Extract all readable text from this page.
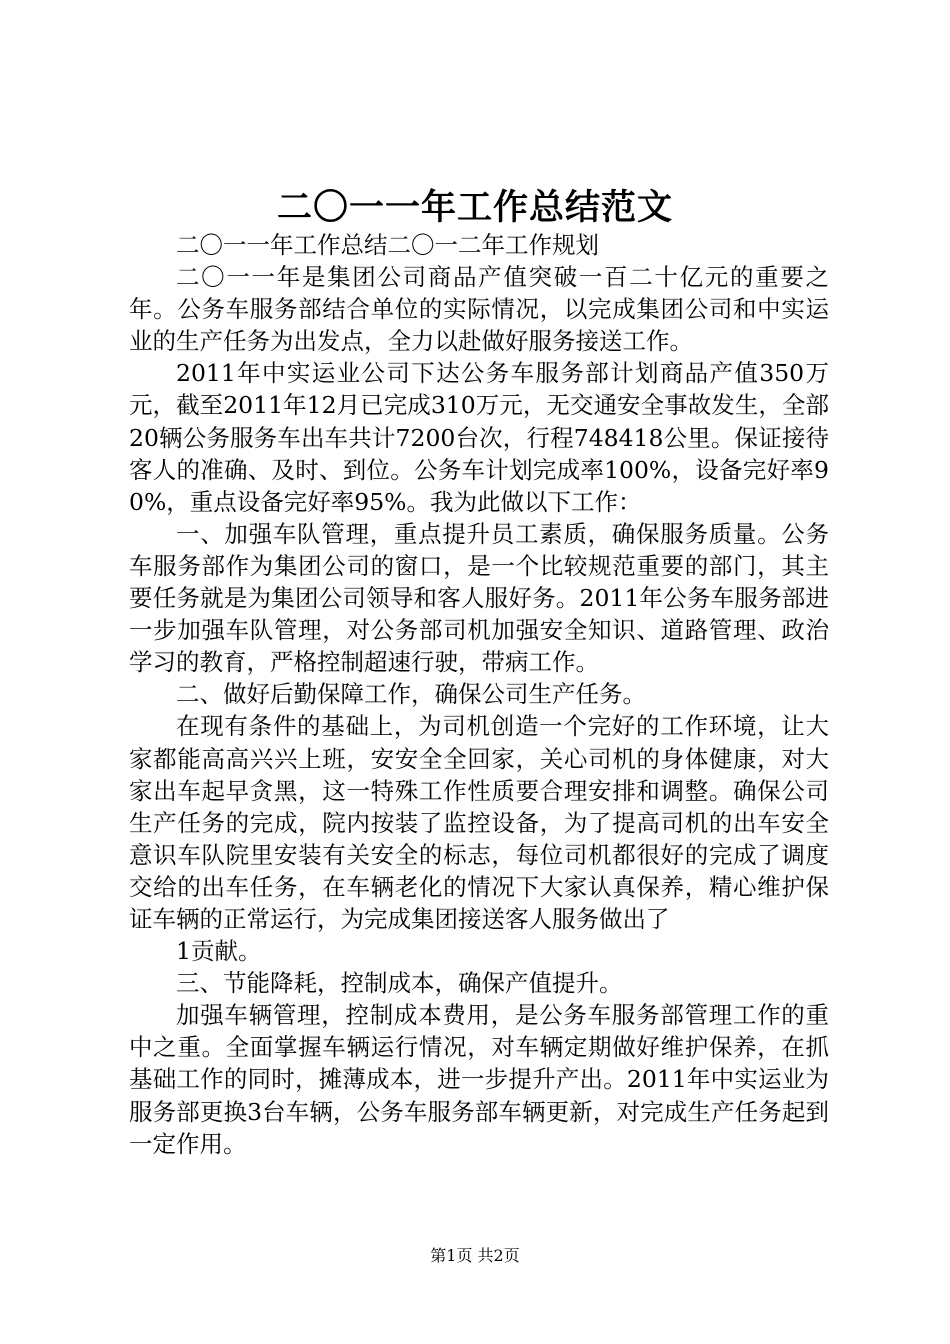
二〇一一年工作总结范文

二〇一一年工作总结二〇一二年工作规划

二〇一一年是集团公司商品产值突破一百二十亿元的重要之年。公务车服务部结合单位的实际情况，以完成集团公司和中实运业的生产任务为出发点，全力以赴做好服务接送工作。

2011年中实运业公司下达公务车服务部计划商品产值350万元，截至2011年12月已完成310万元，无交通安全事故发生，全部20辆公务服务车出车共计7200台次，行程748418公里。保证接待客人的准确、及时、到位。公务车计划完成率100%，设备完好率90%，重点设备完好率95%。我为此做以下工作：

一、加强车队管理，重点提升员工素质，确保服务质量。公务车服务部作为集团公司的窗口，是一个比较规范重要的部门，其主要任务就是为集团公司领导和客人服好务。2011年公务车服务部进一步加强车队管理，对公务部司机加强安全知识、道路管理、政治学习的教育，严格控制超速行驶，带病工作。

二、做好后勤保障工作，确保公司生产任务。

在现有条件的基础上，为司机创造一个完好的工作环境，让大家都能高高兴兴上班，安安全全回家，关心司机的身体健康，对大家出车起早贪黑，这一特殊工作性质要合理安排和调整。确保公司生产任务的完成，院内按装了监控设备，为了提高司机的出车安全意识车队院里安装有关安全的标志，每位司机都很好的完成了调度交给的出车任务，在车辆老化的情况下大家认真保养，精心维护保证车辆的正常运行，为完成集团接送客人服务做出了

1贡献。

三、节能降耗，控制成本，确保产值提升。

加强车辆管理，控制成本费用，是公务车服务部管理工作的重中之重。全面掌握车辆运行情况，对车辆定期做好维护保养，在抓基础工作的同时，摊薄成本，进一步提升产出。2011年中实运业为服务部更换3台车辆，公务车服务部车辆更新，对完成生产任务起到一定作用。

第1页 共2页
